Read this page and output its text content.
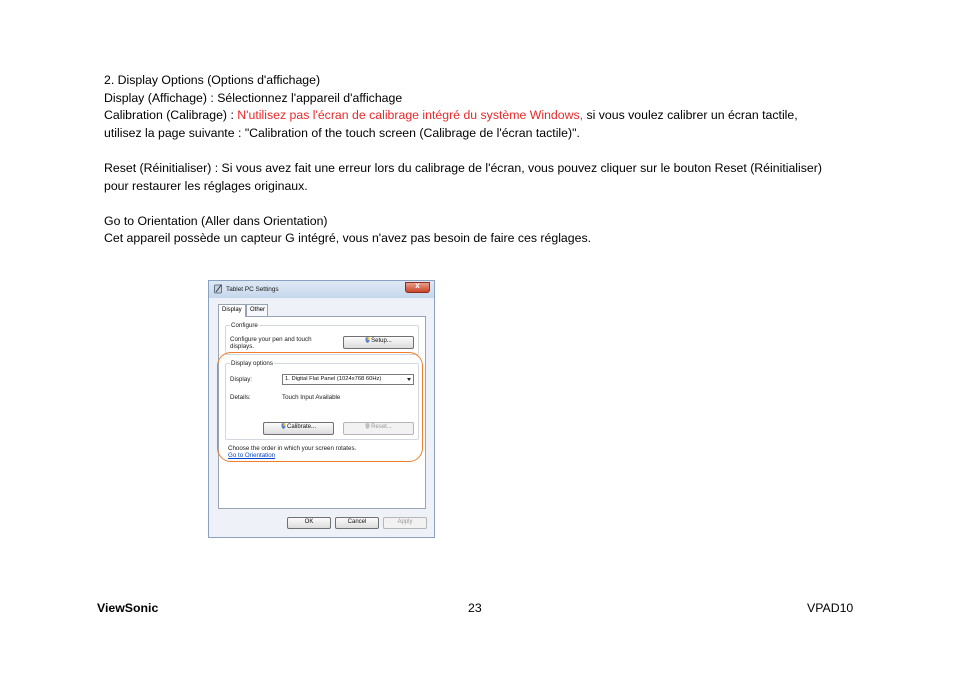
2. Display Options (Options d'affichage)

Display (Affichage) : Sélectionnez l'appareil d'affichage

Calibration (Calibrage) : N'utilisez pas l'écran de calibrage intégré du système Windows, si vous voulez calibrer un écran tactile,

utilisez la page suivante : "Calibration of the touch screen (Calibrage de l'écran tactile)".

Reset (Réinitialiser) : Si vous avez fait une erreur lors du calibrage de l'écran, vous pouvez cliquer sur le bouton Reset (Réinitialiser)

pour restaurer les réglages originaux.

Go to Orientation (Aller dans Orientation)

Cet appareil possède un capteur G intégré, vous n'avez pas besoin de faire ces réglages.

Tablet PC Settings
x
Display	Other
Configure
Configure your pen and touch
displays.
Setup...
Display options
Display:	1. Digital Flat Panel (1024x768 60Hz)
Details:	Touch Input Available
Calibrate...	Reset...
Choose the order in which your screen rotates.
Go to Orientation
OK	Cancel	Apply
ViewSonic	23	VPAD10
